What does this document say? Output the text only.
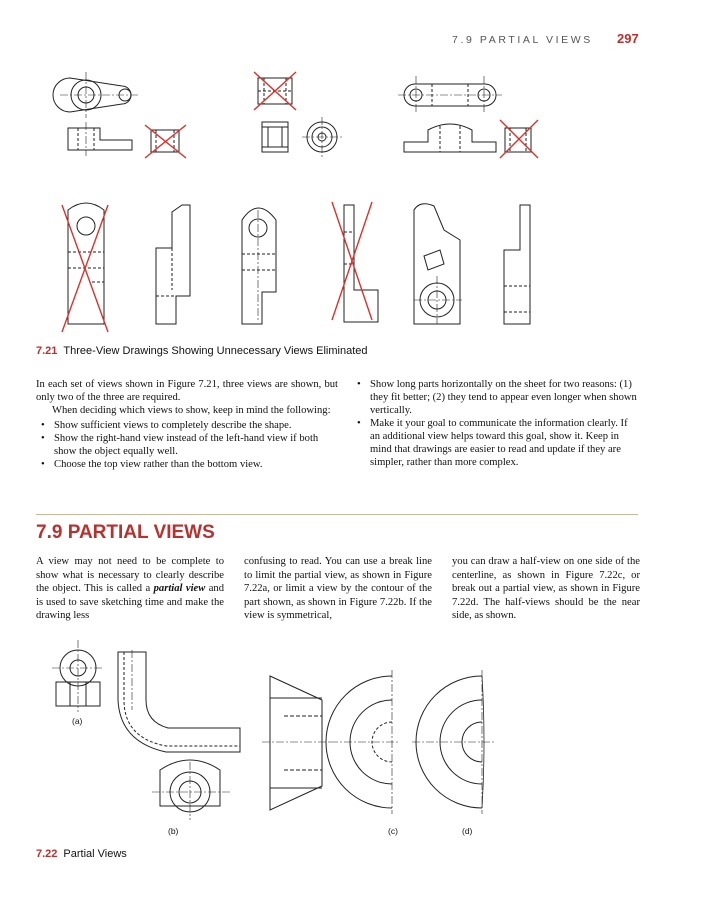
7.9 PARTIAL VIEWS 297
7.21 Three-View Drawings Showing Unnecessary Views Eliminated

In each set of views shown in Figure 7.21, three views are shown, but only two of the three are required.

When deciding which views to show, keep in mind the following:

• Show sufficient views to completely describe the shape.
• Show the right-hand view instead of the left-hand view if both show the object equally well.
• Choose the top view rather than the bottom view.
• Show long parts horizontally on the sheet for two reasons: (1) they fit better; (2) they tend to appear even longer when shown vertically.
• Make it your goal to communicate the information clearly. If an additional view helps toward this goal, show it. Keep in mind that drawings are easier to read and update if they are simpler, rather than more complex.
7.9 PARTIAL VIEWS

A view may not need to be complete to show what is necessary to clearly describe the object. This is called a partial view and is used to save sketching time and make the drawing less

confusing to read. You can use a break line to limit the partial view, as shown in Figure 7.22a, or limit a view by the contour of the part shown, as shown in Figure 7.22b. If the view is symmetrical,

you can draw a half-view on one side of the centerline, as shown in Figure 7.22c, or break out a partial view, as shown in Figure 7.22d. The half-views should be the near side, as shown.

(a)
(b)	(c)	(d)
7.22 Partial Views
